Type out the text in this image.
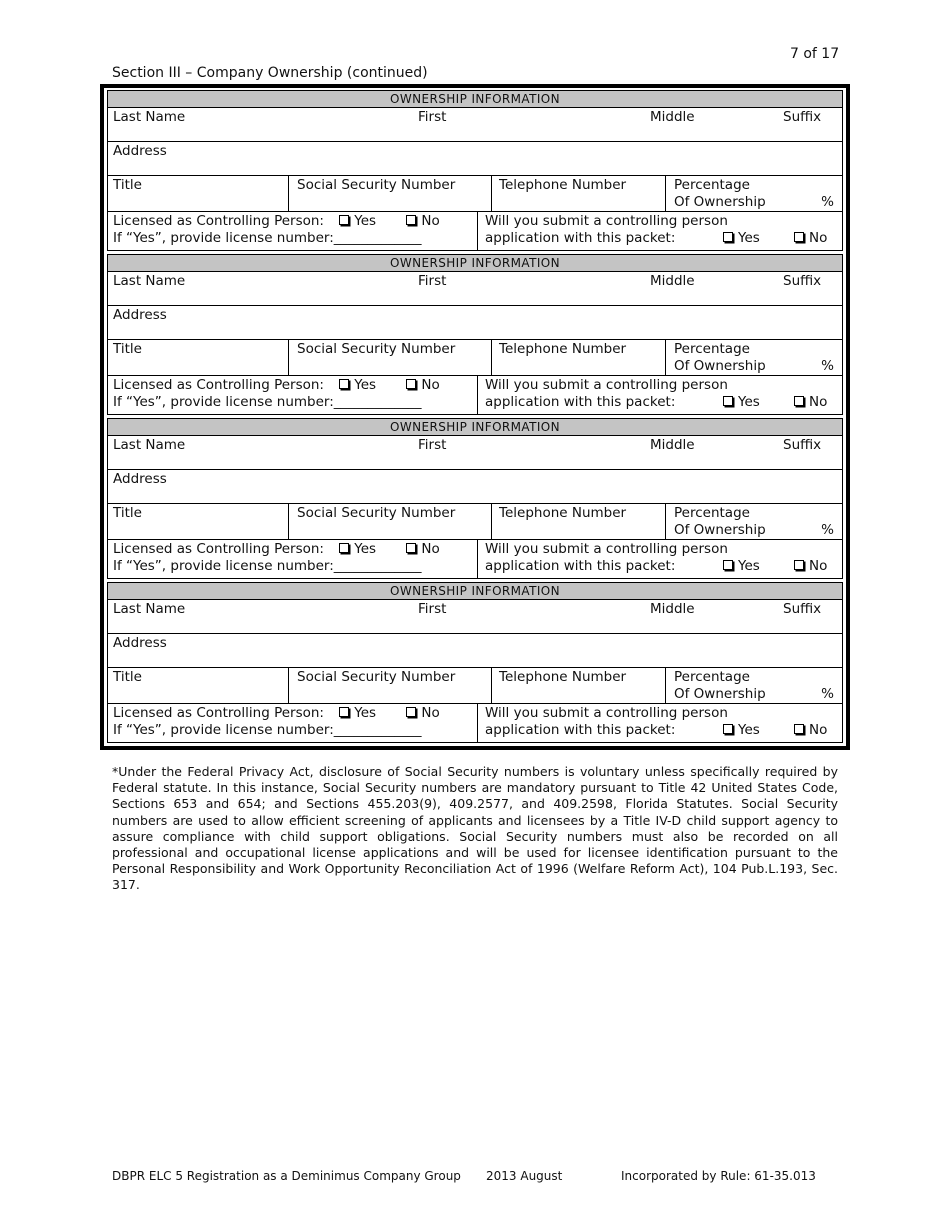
7 of 17
Section III – Company Ownership (continued)
OWNERSHIP INFORMATION
Last Name	First	Middle	Suffix
Address
Title	Social Security Number	Telephone Number	Percentage
Of Ownership	%
Licensed as Controlling Person: Yes	No
If “Yes”, provide license number:_____________
Will you submit a controlling person
application with this packet:	Yes	No
OWNERSHIP INFORMATION
Last Name	First	Middle	Suffix
Address
Title	Social Security Number	Telephone Number	Percentage
Of Ownership	%
Licensed as Controlling Person: Yes	No
If “Yes”, provide license number:_____________
Will you submit a controlling person
application with this packet:	Yes	No
OWNERSHIP INFORMATION
Last Name	First	Middle	Suffix
Address
Title	Social Security Number	Telephone Number	Percentage
Of Ownership	%
Licensed as Controlling Person: Yes	No
If “Yes”, provide license number:_____________
Will you submit a controlling person
application with this packet:	Yes	No
OWNERSHIP INFORMATION
Last Name	First	Middle	Suffix
Address
Title	Social Security Number	Telephone Number	Percentage
Of Ownership	%
Licensed as Controlling Person: Yes	No
If “Yes”, provide license number:_____________
Will you submit a controlling person
application with this packet:	Yes	No
*Under the Federal Privacy Act, disclosure of Social Security numbers is voluntary unless specifically required by Federal statute. In this instance, Social Security numbers are mandatory pursuant to Title 42 United States Code, Sections 653 and 654; and Sections 455.203(9), 409.2577, and 409.2598, Florida Statutes. Social Security numbers are used to allow efficient screening of applicants and licensees by a Title IV-D child support agency to assure compliance with child support obligations. Social Security numbers must also be recorded on all professional and occupational license applications and will be used for licensee identification pursuant to the Personal Responsibility and Work Opportunity Reconciliation Act of 1996 (Welfare Reform Act), 104 Pub.L.193, Sec. 317.
DBPR ELC 5 Registration as a Deminimus Company Group 2013 August	Incorporated by Rule: 61-35.013
